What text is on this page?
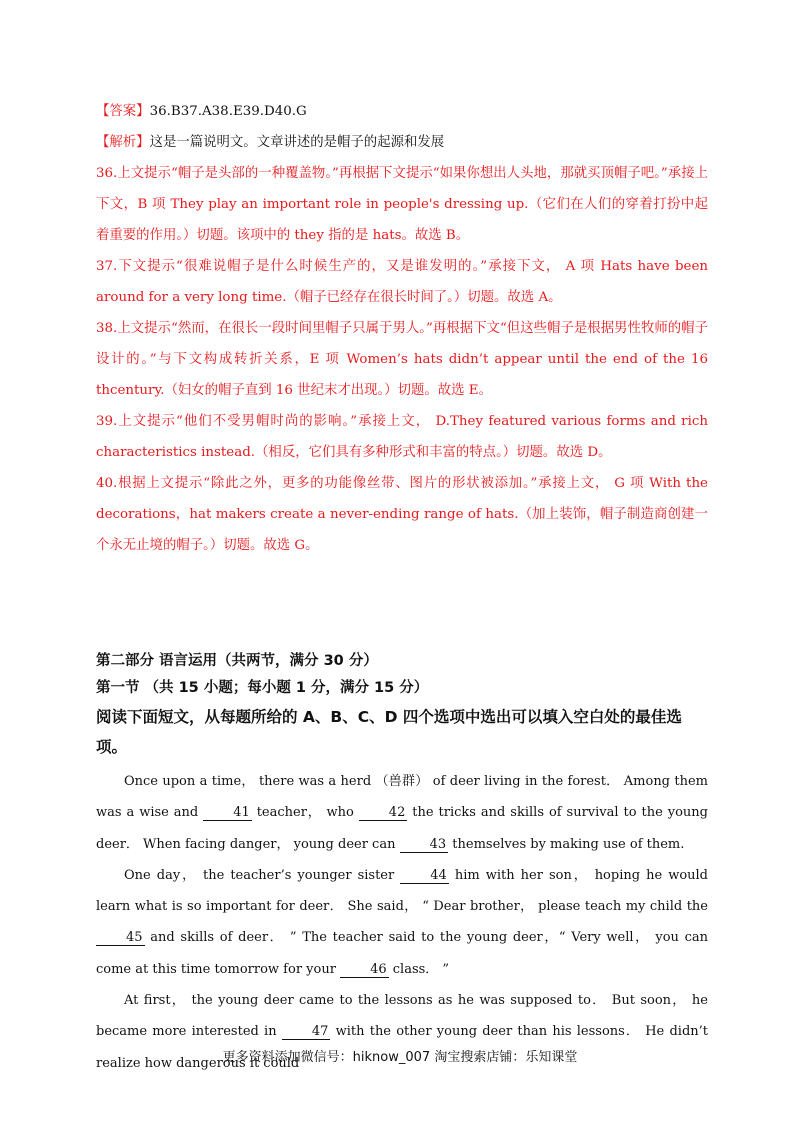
【答案】36.B37.A38.E39.D40.G

【解析】这是一篇说明文。文章讲述的是帽子的起源和发展

36.上文提示“帽子是头部的一种覆盖物。”再根据下文提示“如果你想出人头地，那就买顶帽子吧。”承接上下文，B 项 They play an important role in people's dressing up.（它们在人们的穿着打扮中起着重要的作用。）切题。该项中的 they 指的是 hats。故选 B。

37.下文提示“很难说帽子是什么时候生产的，又是谁发明的。”承接下文， A 项 Hats have been around for a very long time.（帽子已经存在很长时间了。）切题。故选 A。

38.上文提示“然而，在很长一段时间里帽子只属于男人。”再根据下文“但这些帽子是根据男性牧师的帽子设计的。”与下文构成转折关系，E 项 Women’s hats didn’t appear until the end of the 16 thcentury.（妇女的帽子直到 16 世纪末才出现。）切题。故选 E。

39.上文提示“他们不受男帽时尚的影响。”承接上文， D.They featured various forms and rich characteristics instead.（相反，它们具有多种形式和丰富的特点。）切题。故选 D。

40.根据上文提示“除此之外，更多的功能像丝带、图片的形状被添加。”承接上文， G 项 With the decorations，hat makers create a never-ending range of hats.（加上装饰，帽子制造商创建一个永无止境的帽子。）切题。故选 G。

第二部分 语言运用（共两节，满分 30 分）

第一节 （共 15 小题；每小题 1 分，满分 15 分）

阅读下面短文，从每题所给的 A、B、C、D 四个选项中选出可以填入空白处的最佳选项。

Once upon a time， there was a herd （兽群） of deer living in the forest． Among them was a wise and	41 teacher， who	42 the tricks and skills of survival to the young deer． When facing danger， young deer can	43 themselves by making use of them.

One day， the teacher’s younger sister	44 him with her son， hoping he would learn what is so important for deer． She said， “ Dear brother， please teach my child the 45 and skills of deer． ” The teacher said to the young deer，“ Very well， you can come at this time tomorrow for your	46 class． ”

At first， the young deer came to the lessons as he was supposed to． But soon， he became more interested in	47 with the other young deer than his lessons． He didn’t realize how dangerous it could

更多资料添加微信号：hiknow_007 淘宝搜索店铺：乐知课堂
